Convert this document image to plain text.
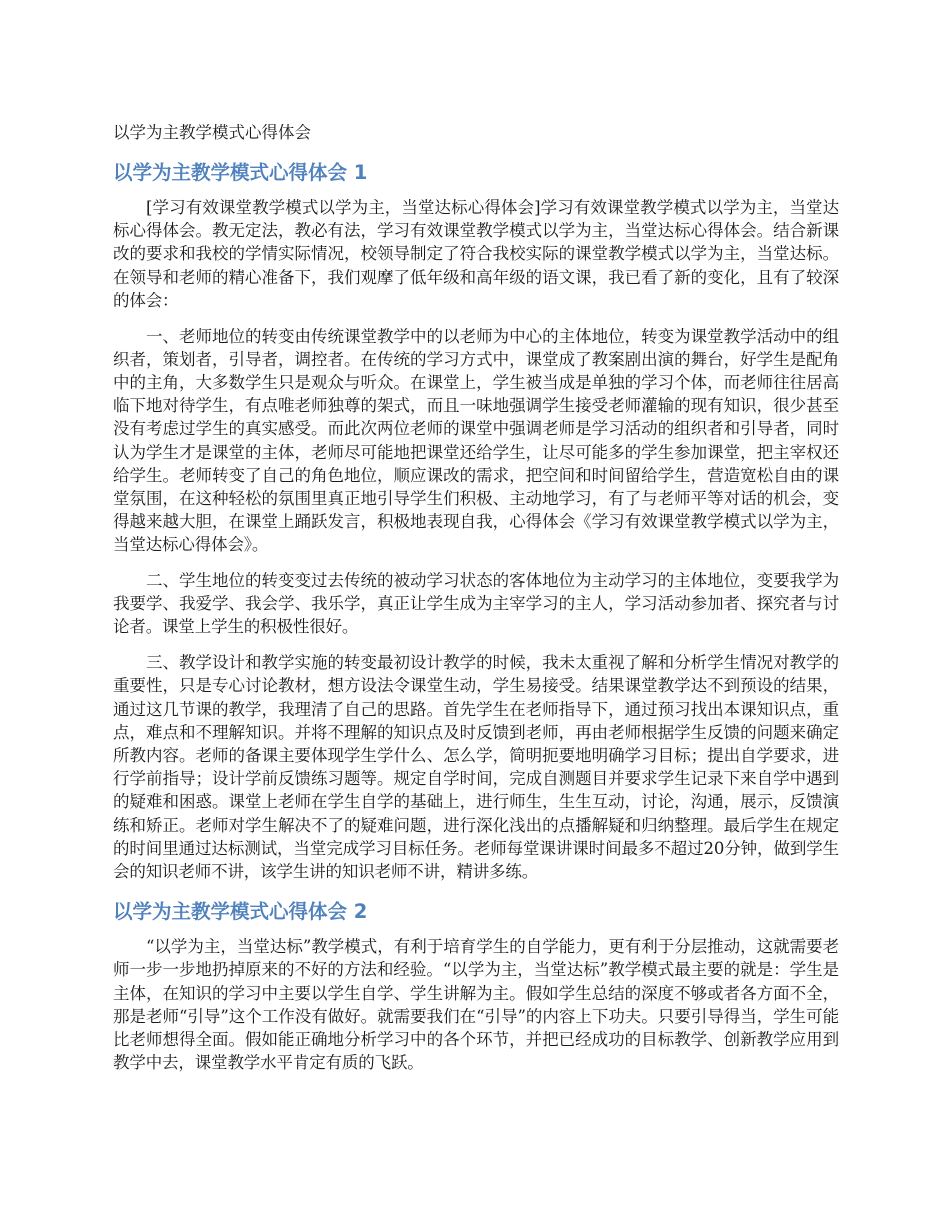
以学为主教学模式心得体会
以学为主教学模式心得体会 1

[学习有效课堂教学模式以学为主，当堂达标心得体会]学习有效课堂教学模式以学为主，当堂达标心得体会。教无定法，教必有法，学习有效课堂教学模式以学为主，当堂达标心得体会。结合新课改的要求和我校的学情实际情况，校领导制定了符合我校实际的课堂教学模式以学为主，当堂达标。在领导和老师的精心准备下，我们观摩了低年级和高年级的语文课，我已看了新的变化，且有了较深的体会：

一、老师地位的转变由传统课堂教学中的以老师为中心的主体地位，转变为课堂教学活动中的组织者，策划者，引导者，调控者。在传统的学习方式中，课堂成了教案剧出演的舞台，好学生是配角中的主角，大多数学生只是观众与听众。在课堂上，学生被当成是单独的学习个体，而老师往往居高临下地对待学生，有点唯老师独尊的架式，而且一味地强调学生接受老师灌输的现有知识，很少甚至没有考虑过学生的真实感受。而此次两位老师的课堂中强调老师是学习活动的组织者和引导者，同时认为学生才是课堂的主体，老师尽可能地把课堂还给学生，让尽可能多的学生参加课堂，把主宰权还给学生。老师转变了自己的角色地位，顺应课改的需求，把空间和时间留给学生，营造宽松自由的课堂氛围，在这种轻松的氛围里真正地引导学生们积极、主动地学习，有了与老师平等对话的机会，变得越来越大胆，在课堂上踊跃发言，积极地表现自我，心得体会《学习有效课堂教学模式以学为主，当堂达标心得体会》。

二、学生地位的转变变过去传统的被动学习状态的客体地位为主动学习的主体地位，变要我学为我要学、我爱学、我会学、我乐学，真正让学生成为主宰学习的主人，学习活动参加者、探究者与讨论者。课堂上学生的积极性很好。

三、教学设计和教学实施的转变最初设计教学的时候，我未太重视了解和分析学生情况对教学的重要性，只是专心讨论教材，想方设法令课堂生动，学生易接受。结果课堂教学达不到预设的结果，通过这几节课的教学，我理清了自己的思路。首先学生在老师指导下，通过预习找出本课知识点，重点，难点和不理解知识。并将不理解的知识点及时反馈到老师，再由老师根据学生反馈的问题来确定所教内容。老师的备课主要体现学生学什么、怎么学，简明扼要地明确学习目标；提出自学要求，进行学前指导；设计学前反馈练习题等。规定自学时间，完成自测题目并要求学生记录下来自学中遇到的疑难和困惑。课堂上老师在学生自学的基础上，进行师生，生生互动，讨论，沟通，展示，反馈演练和矫正。老师对学生解决不了的疑难问题，进行深化浅出的点播解疑和归纳整理。最后学生在规定的时间里通过达标测试，当堂完成学习目标任务。老师每堂课讲课时间最多不超过20分钟，做到学生会的知识老师不讲，该学生讲的知识老师不讲，精讲多练。

以学为主教学模式心得体会 2

“以学为主，当堂达标”教学模式，有利于培育学生的自学能力，更有利于分层推动，这就需要老师一步一步地扔掉原来的不好的方法和经验。“以学为主，当堂达标”教学模式最主要的就是：学生是主体，在知识的学习中主要以学生自学、学生讲解为主。假如学生总结的深度不够或者各方面不全，那是老师“引导”这个工作没有做好。就需要我们在“引导”的内容上下功夫。只要引导得当，学生可能比老师想得全面。假如能正确地分析学习中的各个环节，并把已经成功的目标教学、创新教学应用到教学中去，课堂教学水平肯定有质的飞跃。
